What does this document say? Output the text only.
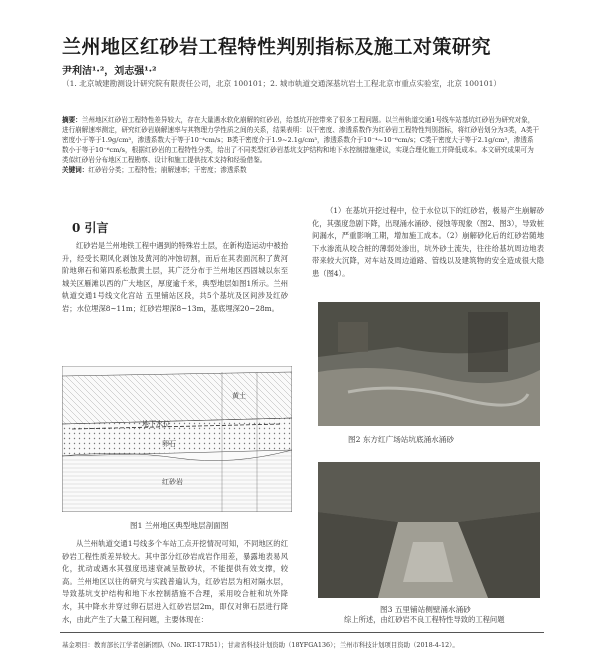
兰州地区红砂岩工程特性判别指标及施工对策研究
尹利洁¹·²，刘志强¹·²
（1. 北京城建勘测设计研究院有限责任公司，北京 100101；2. 城市轨道交通深基坑岩土工程北京市重点实验室，北京 100101）
摘要：兰州地区红砂岩工程特性差异较大，存在大量遇水软化崩解的红砂岩，给基坑开挖带来了很多工程问题。以兰州轨道交通1号线车站基坑红砂岩为研究对象，进行崩解速率测定，研究红砂岩崩解速率与其物理力学性质之间的关系，结果表明：以干密度、渗透系数作为红砂岩工程特性判别指标，将红砂岩划分为3类，A类干密度小于等于1.9g/cm³，渗透系数大于等于10⁻⁴cm/s；B类干密度介于1.9~2.1g/cm³，渗透系数介于10⁻⁴~10⁻⁶cm/s；C类干密度大于等于2.1g/cm³，渗透系数小于等于10⁻⁶cm/s，根据红砂岩的工程特性分类，给出了不同类型红砂岩基坑支护结构和地下水控制措施建议，实现合理化施工并降低成本。本文研究成果可为类似红砂岩分布地区工程勘察、设计和施工提供技术支持和经验借鉴。
关键词：红砂岩分类；工程特性；崩解速率；干密度；渗透系数
0 引言
红砂岩是兰州地铁工程中遇到的特殊岩土层，在新构造运动中被抬升，经受长期风化剥蚀及黄河的冲蚀切割，而后在其表面沉积了黄河阶地卵石和第四系松散黄土层，其广泛分布于兰州地区西固城以东至城关区雁滩以西的广大地区，厚度逾千米，典型地层如图1所示。兰州轨道交通1号线文化宫站 五里铺站区段，共5个基坑及区间涉及红砂岩；水位埋深8~11m；红砂岩埋深8~13m，基底埋深20~28m。
黄土
地下水位
卵石
红砂岩
图1 兰州地区典型地层剖面图
从兰州轨道交通1号线多个车站工点开挖情况可知，不同地区的红砂岩工程性质差异较大。其中部分红砂岩成岩作用差，暴露地表易风化，扰动或遇水其强度迅速衰减呈散砂状，不能提供有效支撑，较高。兰州地区以往的研究与实践普遍认为，红砂岩层为相对隔水层，导致基坑支护结构和地下水控制措施不合理，采用咬合桩和坑外降水，其中降水井穿过卵石层进入红砂岩层2m，即仅对卵石层进行降水，由此产生了大量工程问题，主要体现在：
（1）在基坑开挖过程中，位于水位以下的红砂岩，极易产生崩解砂化，其强度急剧下降，出现涌水涌砂、侵蚀等现象（图2、图3），导致桩间漏水，严重影响工期，增加施工成本。（2）崩解砂化后的红砂岩随地下水渗流从咬合桩的薄弱处渗出，坑外砂土流失，往往给基坑周边地表带来较大沉降，对车站及周边道路、管线以及建筑物的安全造成很大隐患（图4）。
图2 东方红广场站坑底涌水涌砂
图3 五里铺站侧壁涌水涌砂
综上所述，由红砂岩不良工程特性导致的工程问题
基金项目：教育部长江学者创新团队（No. IRT-17R51）；甘肃省科技计划资助（18YFGA136）；兰州市科技计划项目资助（2018-4-12）。
